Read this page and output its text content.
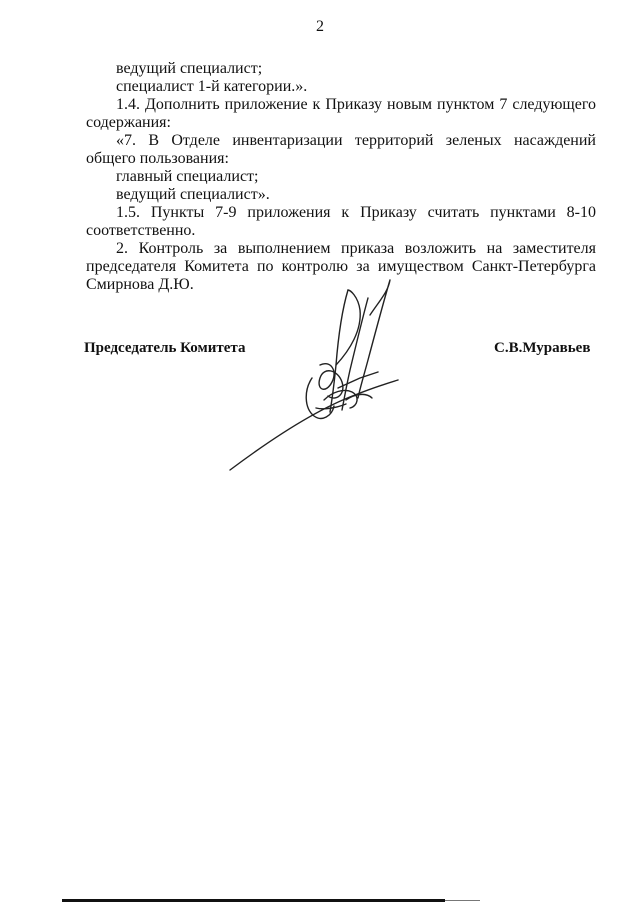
2

ведущий специалист;

специалист 1-й категории.».

1.4. Дополнить приложение к Приказу новым пунктом 7 следующего содержания:

«7. В Отделе инвентаризации территорий зеленых насаждений общего пользования:

главный специалист;

ведущий специалист».

1.5. Пункты 7-9 приложения к Приказу считать пунктами 8-10 соответственно.

2. Контроль за выполнением приказа возложить на заместителя председателя Комитета по контролю за имуществом Санкт-Петербурга Смирнова Д.Ю.

Председатель Комитета	С.В.Муравьев
